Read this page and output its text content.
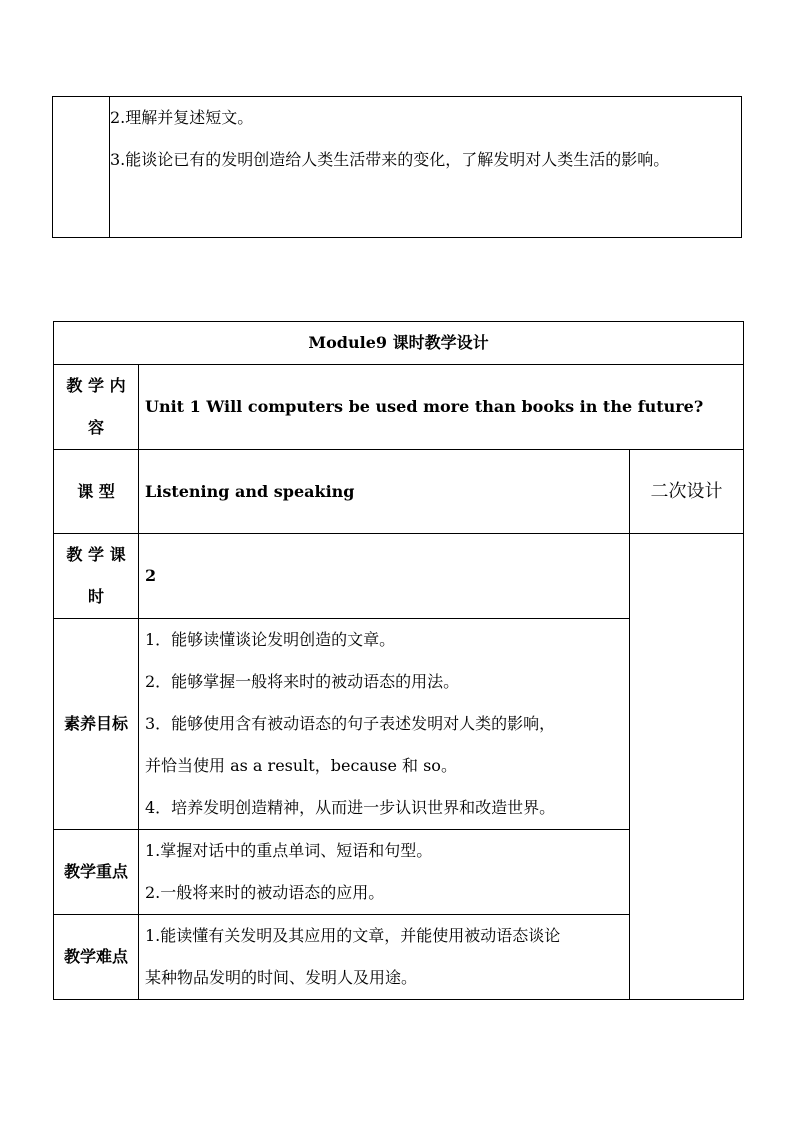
2.理解并复述短文。
3.能谈论已有的发明创造给人类生活带来的变化，了解发明对人类生活的影响。
Module9 课时教学设计		
教 学 内 容	Unit 1 Will computers be used more than books in the future?	
课 型	Listening and speaking	二次设计
教 学 课 时	2	
素养目标	1．能够读懂谈论发明创造的文章。
2．能够掌握一般将来时的被动语态的用法。
3．能够使用含有被动语态的句子表述发明对人类的影响，
并恰当使用 as a result，because 和 so。
4．培养发明创造精神，从而进一步认识世界和改造世界。	

教学重点	1.掌握对话中的重点单词、短语和句型。
2.一般将来时的被动语态的应用。	

教学难点	1.能读懂有关发明及其应用的文章，并能使用被动语态谈论
某种物品发明的时间、发明人及用途。	
